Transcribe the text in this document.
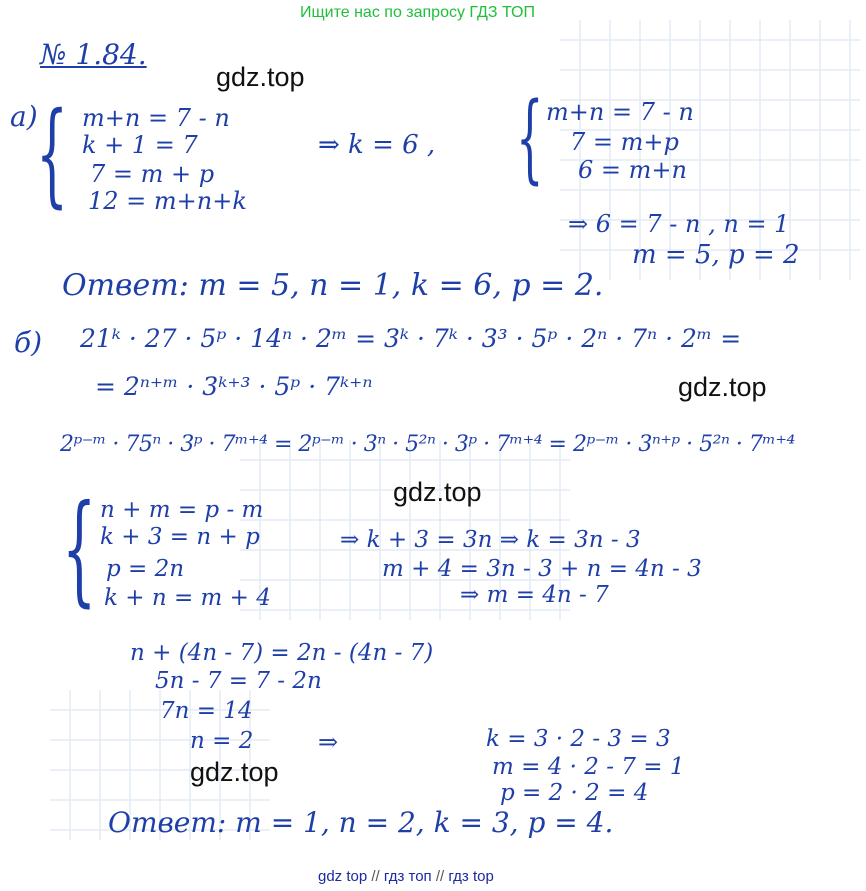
Ищите нас по запросу ГДЗ ТОП
№ 1.84.
gdz.top
gdz.top
gdz.top
gdz.top
а)
{ m+n = 7 - n
k + 1 = 7
7 = m + p
12 = m+n+k
⇒ k = 6 , { m+n = 7 - n
7 = m+p
6 = m+n
⇒ 6 = 7 - n , n = 1
m = 5, p = 2
Ответ: m = 5, n = 1, k = 6, p = 2.
б) 21ᵏ · 27 · 5ᵖ · 14ⁿ · 2ᵐ = 3ᵏ · 7ᵏ · 3³ · 5ᵖ · 2ⁿ · 7ⁿ · 2ᵐ =
= 2ⁿ⁺ᵐ · 3ᵏ⁺³ · 5ᵖ · 7ᵏ⁺ⁿ
2ᵖ⁻ᵐ · 75ⁿ · 3ᵖ · 7ᵐ⁺⁴ = 2ᵖ⁻ᵐ · 3ⁿ · 5²ⁿ · 3ᵖ · 7ᵐ⁺⁴ = 2ᵖ⁻ᵐ · 3ⁿ⁺ᵖ · 5²ⁿ · 7ᵐ⁺⁴
{ n + m = p - m
k + 3 = n + p
p = 2n
k + n = m + 4
⇒ k + 3 = 3n ⇒ k = 3n - 3
m + 4 = 3n - 3 + n = 4n - 3
⇒ m = 4n - 7
n + (4n - 7) = 2n - (4n - 7)
5n - 7 = 7 - 2n
7n = 14
n = 2	⇒	k = 3 · 2 - 3 = 3
m = 4 · 2 - 7 = 1
p = 2 · 2 = 4
Ответ: m = 1, n = 2, k = 3, p = 4.
gdz top // гдз топ // гдз top
